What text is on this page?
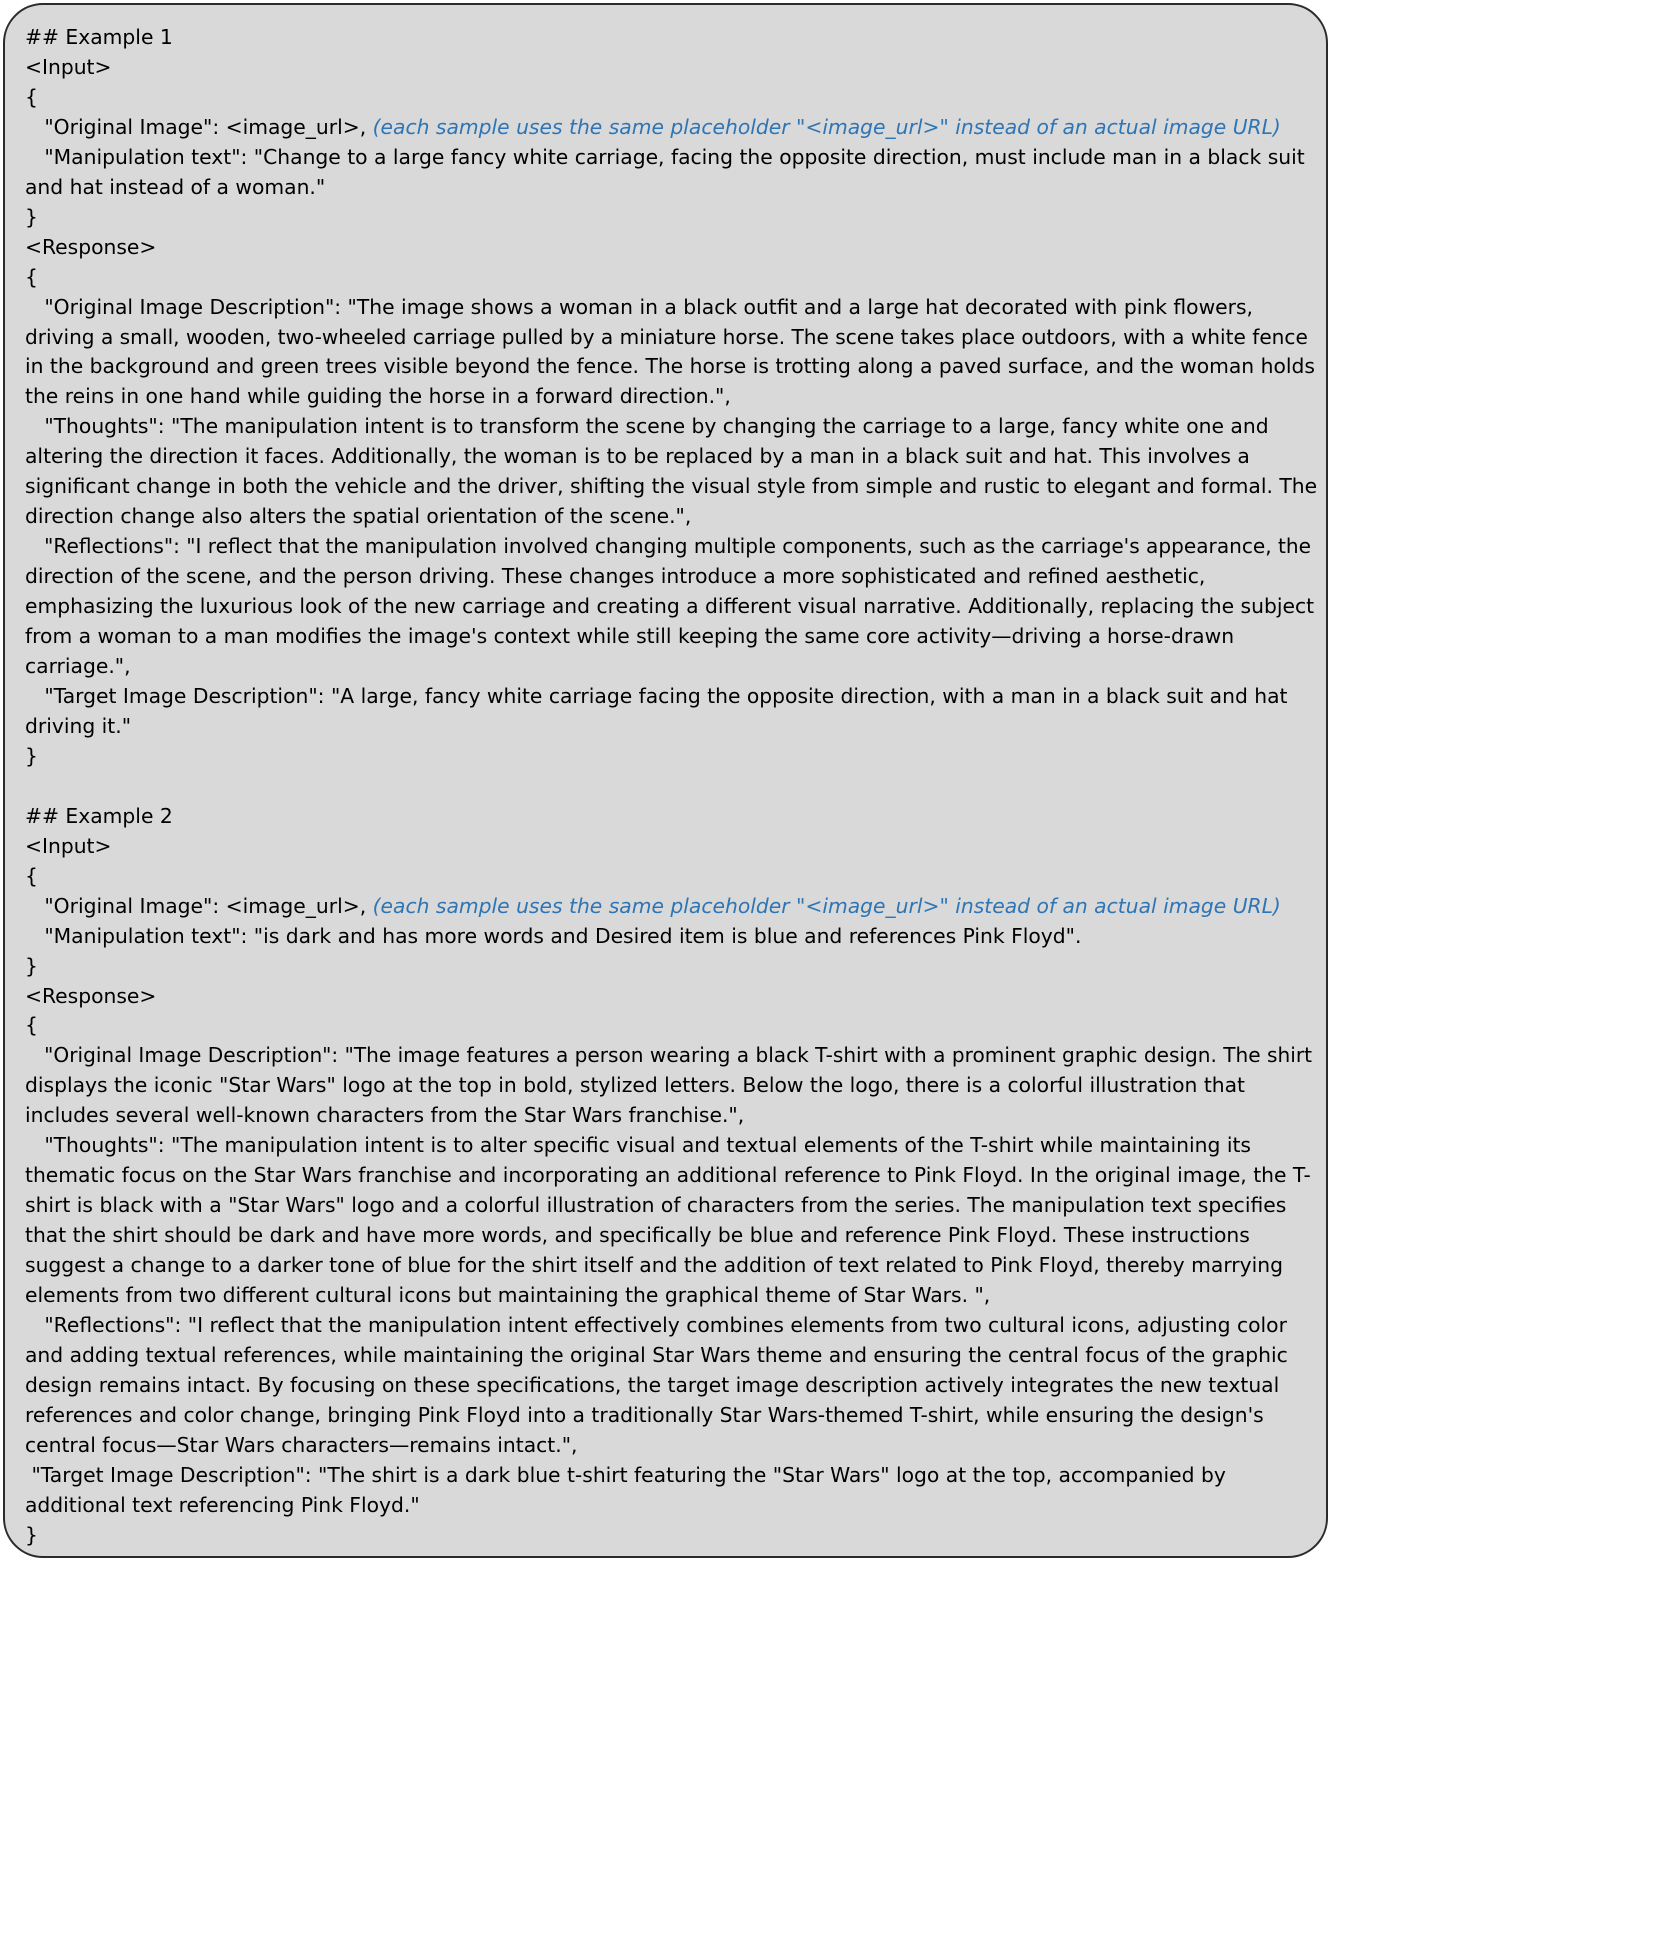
## Example 1
<Input>
{
"Original Image": <image_url>, (each sample uses the same placeholder "<image_url>" instead of an actual image URL)
"Manipulation text": "Change to a large fancy white carriage, facing the opposite direction, must include man in a black suit
and hat instead of a woman."
}
<Response>
{
"Original Image Description": "The image shows a woman in a black outfit and a large hat decorated with pink flowers,
driving a small, wooden, two-wheeled carriage pulled by a miniature horse. The scene takes place outdoors, with a white fence
in the background and green trees visible beyond the fence. The horse is trotting along a paved surface, and the woman holds
the reins in one hand while guiding the horse in a forward direction.",
"Thoughts": "The manipulation intent is to transform the scene by changing the carriage to a large, fancy white one and
altering the direction it faces. Additionally, the woman is to be replaced by a man in a black suit and hat. This involves a
significant change in both the vehicle and the driver, shifting the visual style from simple and rustic to elegant and formal. The
direction change also alters the spatial orientation of the scene.",
"Reflections": "I reflect that the manipulation involved changing multiple components, such as the carriage's appearance, the
direction of the scene, and the person driving. These changes introduce a more sophisticated and refined aesthetic,
emphasizing the luxurious look of the new carriage and creating a different visual narrative. Additionally, replacing the subject
from a woman to a man modifies the image's context while still keeping the same core activity—driving a horse-drawn
carriage.",
"Target Image Description": "A large, fancy white carriage facing the opposite direction, with a man in a black suit and hat
driving it."
}
## Example 2
<Input>
{
"Original Image": <image_url>, (each sample uses the same placeholder "<image_url>" instead of an actual image URL)
"Manipulation text": "is dark and has more words and Desired item is blue and references Pink Floyd".
}
<Response>
{
"Original Image Description": "The image features a person wearing a black T-shirt with a prominent graphic design. The shirt
displays the iconic "Star Wars" logo at the top in bold, stylized letters. Below the logo, there is a colorful illustration that
includes several well-known characters from the Star Wars franchise.",
"Thoughts": "The manipulation intent is to alter specific visual and textual elements of the T-shirt while maintaining its
thematic focus on the Star Wars franchise and incorporating an additional reference to Pink Floyd. In the original image, the T-
shirt is black with a "Star Wars" logo and a colorful illustration of characters from the series. The manipulation text specifies
that the shirt should be dark and have more words, and specifically be blue and reference Pink Floyd. These instructions
suggest a change to a darker tone of blue for the shirt itself and the addition of text related to Pink Floyd, thereby marrying
elements from two different cultural icons but maintaining the graphical theme of Star Wars. ",
"Reflections": "I reflect that the manipulation intent effectively combines elements from two cultural icons, adjusting color
and adding textual references, while maintaining the original Star Wars theme and ensuring the central focus of the graphic
design remains intact. By focusing on these specifications, the target image description actively integrates the new textual
references and color change, bringing Pink Floyd into a traditionally Star Wars-themed T-shirt, while ensuring the design's
central focus—Star Wars characters—remains intact.",
"Target Image Description": "The shirt is a dark blue t-shirt featuring the "Star Wars" logo at the top, accompanied by
additional text referencing Pink Floyd."
}
